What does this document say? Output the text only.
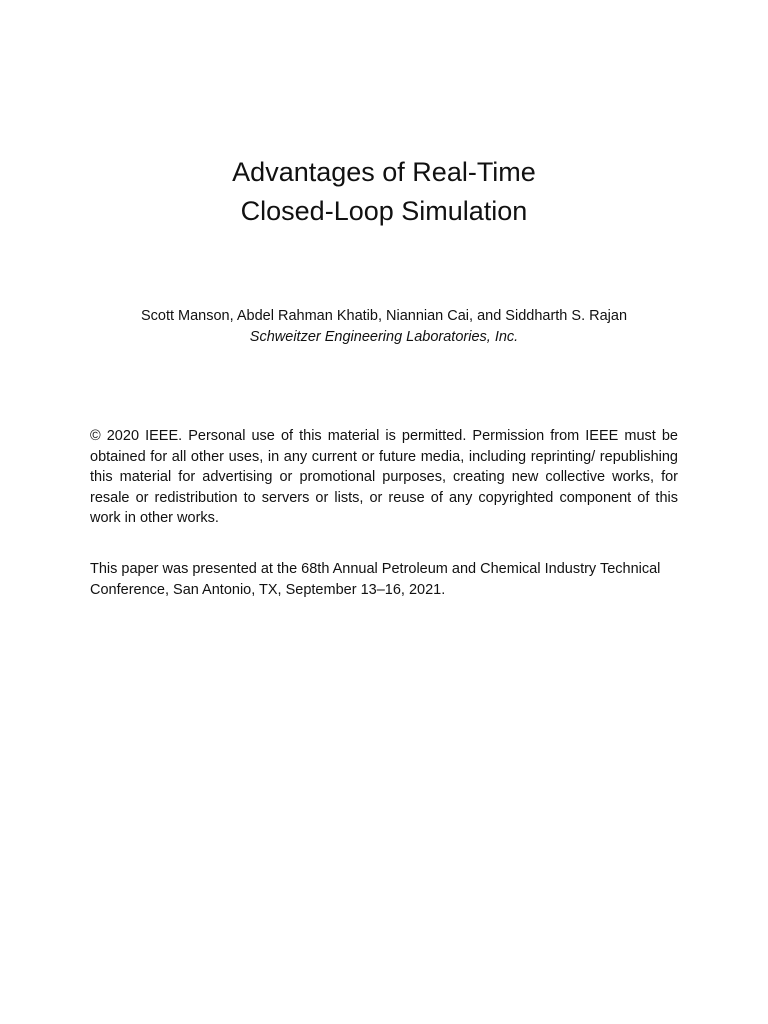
Advantages of Real-Time
Closed-Loop Simulation
Scott Manson, Abdel Rahman Khatib, Niannian Cai, and Siddharth S. Rajan
Schweitzer Engineering Laboratories, Inc.

© 2020 IEEE. Personal use of this material is permitted. Permission from IEEE must be obtained for all other uses, in any current or future media, including reprinting/ republishing this material for advertising or promotional purposes, creating new collective works, for resale or redistribution to servers or lists, or reuse of any copyrighted component of this work in other works.

This paper was presented at the 68th Annual Petroleum and Chemical Industry Technical Conference, San Antonio, TX, September 13–16, 2021.
